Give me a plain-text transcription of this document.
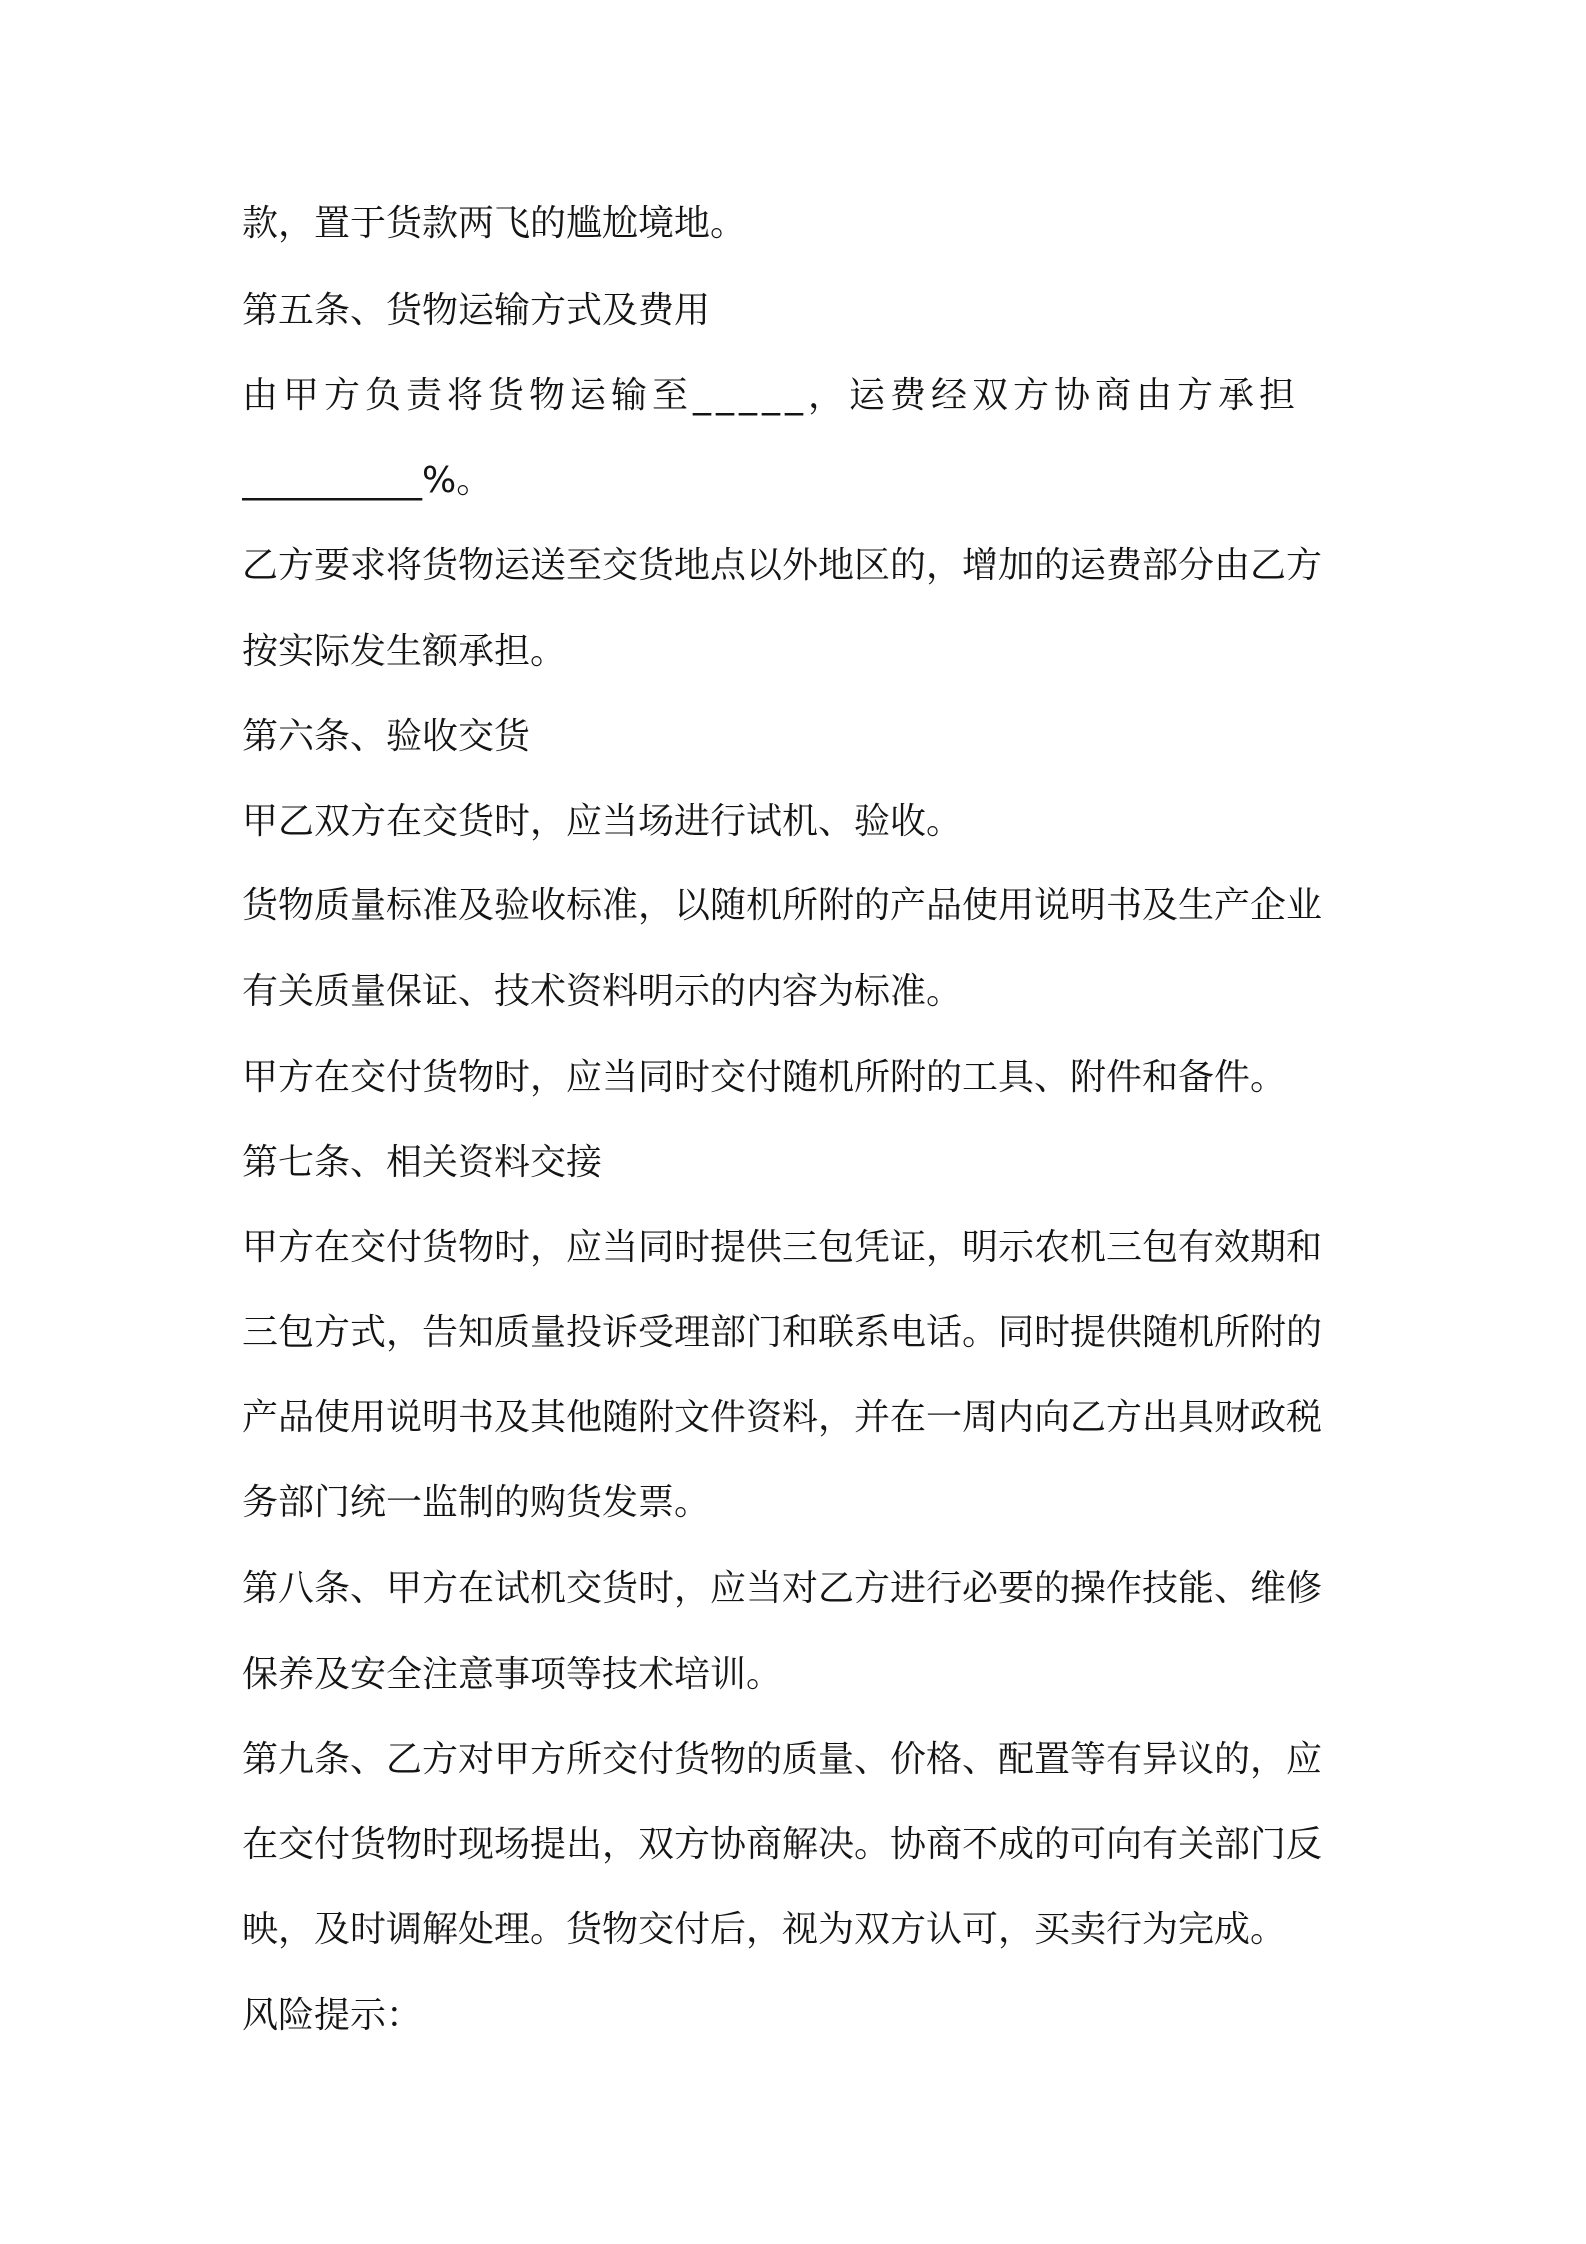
款，置于货款两飞的尴尬境地。
第五条、货物运输方式及费用
由甲方负责将货物运输至_____，运费经双方协商由方承担
__________%。
乙方要求将货物运送至交货地点以外地区的，增加的运费部分由乙方
按实际发生额承担。
第六条、验收交货
甲乙双方在交货时，应当场进行试机、验收。
货物质量标准及验收标准，以随机所附的产品使用说明书及生产企业
有关质量保证、技术资料明示的内容为标准。
甲方在交付货物时，应当同时交付随机所附的工具、附件和备件。
第七条、相关资料交接
甲方在交付货物时，应当同时提供三包凭证，明示农机三包有效期和
三包方式，告知质量投诉受理部门和联系电话。同时提供随机所附的
产品使用说明书及其他随附文件资料，并在一周内向乙方出具财政税
务部门统一监制的购货发票。
第八条、甲方在试机交货时，应当对乙方进行必要的操作技能、维修
保养及安全注意事项等技术培训。
第九条、乙方对甲方所交付货物的质量、价格、配置等有异议的，应
在交付货物时现场提出，双方协商解决。协商不成的可向有关部门反
映，及时调解处理。货物交付后，视为双方认可，买卖行为完成。
风险提示：
